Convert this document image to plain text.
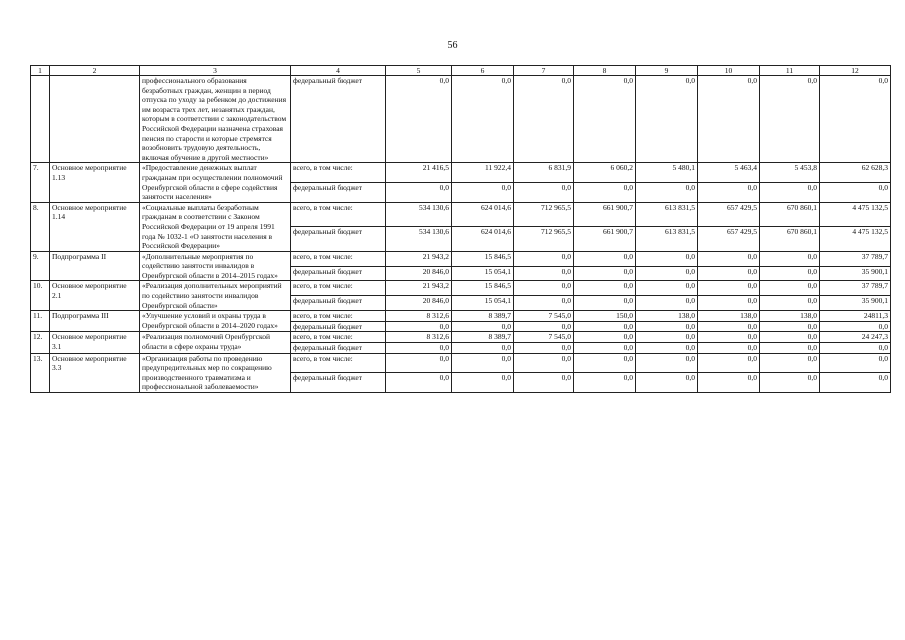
56
1	2	3	4	5	6	7	8	9	10	11	12
		профессионального образования безработных граждан, женщин в период отпуска по уходу за ребенком до достижения им возраста трех лет, незанятых граждан, которым в соответствии с законодательством Российской Федерации назначена страховая пенсия по старости и которые стремятся возобновить трудовую деятельность, включая обучение в другой местности»	федеральный бюджет	0,0	0,0	0,0	0,0	0,0	0,0	0,0	0,0
7.	Основное мероприятие 1.13	«Предоставление денежных выплат гражданам при осуществлении полномочий Оренбургской области в сфере содействия занятости населения»	всего, в том числе:	21 416,5	11 922,4	6 831,9	6 060,2	5 480,1	5 463,4	5 453,8	62 628,3
			федеральный бюджет	0,0	0,0	0,0	0,0	0,0	0,0	0,0	0,0
8.	Основное мероприятие 1.14	«Социальные выплаты безработным гражданам в соответствии с Законом Российской Федерации от 19 апреля 1991 года № 1032-1 «О занятости населения в Российской Федерации»	всего, в том числе:	534 130,6	624 014,6	712 965,5	661 900,7	613 831,5	657 429,5	670 860,1	4 475 132,5
			федеральный бюджет	534 130,6	624 014,6	712 965,5	661 900,7	613 831,5	657 429,5	670 860,1	4 475 132,5
9.	Подпрограмма II	«Дополнительные мероприятия по содействию занятости инвалидов в Оренбургской области в 2014–2015 годах»	всего, в том числе:	21 943,2	15 846,5	0,0	0,0	0,0	0,0	0,0	37 789,7
			федеральный бюджет	20 846,0	15 054,1	0,0	0,0	0,0	0,0	0,0	35 900,1
10.	Основное мероприятие 2.1	«Реализация дополнительных мероприятий по содействию занятости инвалидов Оренбургской области»	всего, в том числе:	21 943,2	15 846,5	0,0	0,0	0,0	0,0	0,0	37 789,7
			федеральный бюджет	20 846,0	15 054,1	0,0	0,0	0,0	0,0	0,0	35 900,1
11.	Подпрограмма III	«Улучшение условий и охраны труда в Оренбургской области в 2014–2020 годах»	всего, в том числе:	8 312,6	8 389,7	7 545,0	150,0	138,0	138,0	138,0	24811,3
			федеральный бюджет	0,0	0,0	0,0	0,0	0,0	0,0	0,0	0,0
12.	Основное мероприятие 3.1	«Реализация полномочий Оренбургской области в сфере охраны труда»	всего, в том числе:	8 312,6	8 389,7	7 545,0	0,0	0,0	0,0	0,0	24 247,3
			федеральный бюджет	0,0	0,0	0,0	0,0	0,0	0,0	0,0	0,0
13.	Основное мероприятие 3.3	«Организация работы по проведению предупредительных мер по сокращению производственного травматизма и профессиональной заболеваемости»	всего, в том числе:	0,0	0,0	0,0	0,0	0,0	0,0	0,0	0,0
			федеральный бюджет	0,0	0,0	0,0	0,0	0,0	0,0	0,0	0,0
